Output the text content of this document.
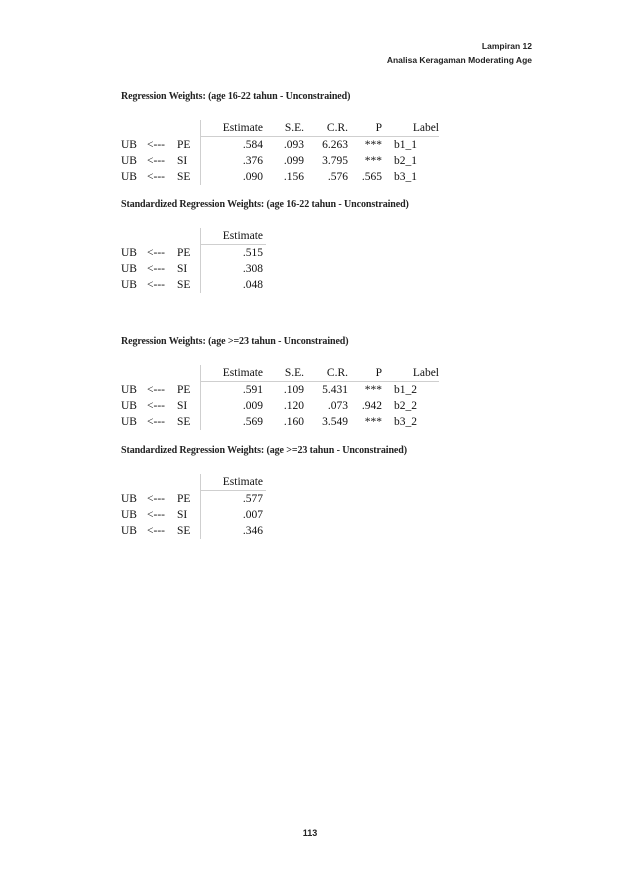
Lampiran 12
Analisa Keragaman Moderating Age
Regression Weights: (age 16-22 tahun - Unconstrained)
			Estimate	S.E.	C.R.	P	Label
UB	<---	PE	.584	.093	6.263	***	b1_1
UB	<---	SI	.376	.099	3.795	***	b2_1
UB	<---	SE	.090	.156	.576	.565	b3_1
Standardized Regression Weights: (age 16-22 tahun - Unconstrained)
			Estimate
UB	<---	PE	.515
UB	<---	SI	.308
UB	<---	SE	.048
Regression Weights: (age >=23 tahun - Unconstrained)
			Estimate	S.E.	C.R.	P	Label
UB	<---	PE	.591	.109	5.431	***	b1_2
UB	<---	SI	.009	.120	.073	.942	b2_2
UB	<---	SE	.569	.160	3.549	***	b3_2
Standardized Regression Weights: (age >=23 tahun - Unconstrained)
			Estimate
UB	<---	PE	.577
UB	<---	SI	.007
UB	<---	SE	.346
113
